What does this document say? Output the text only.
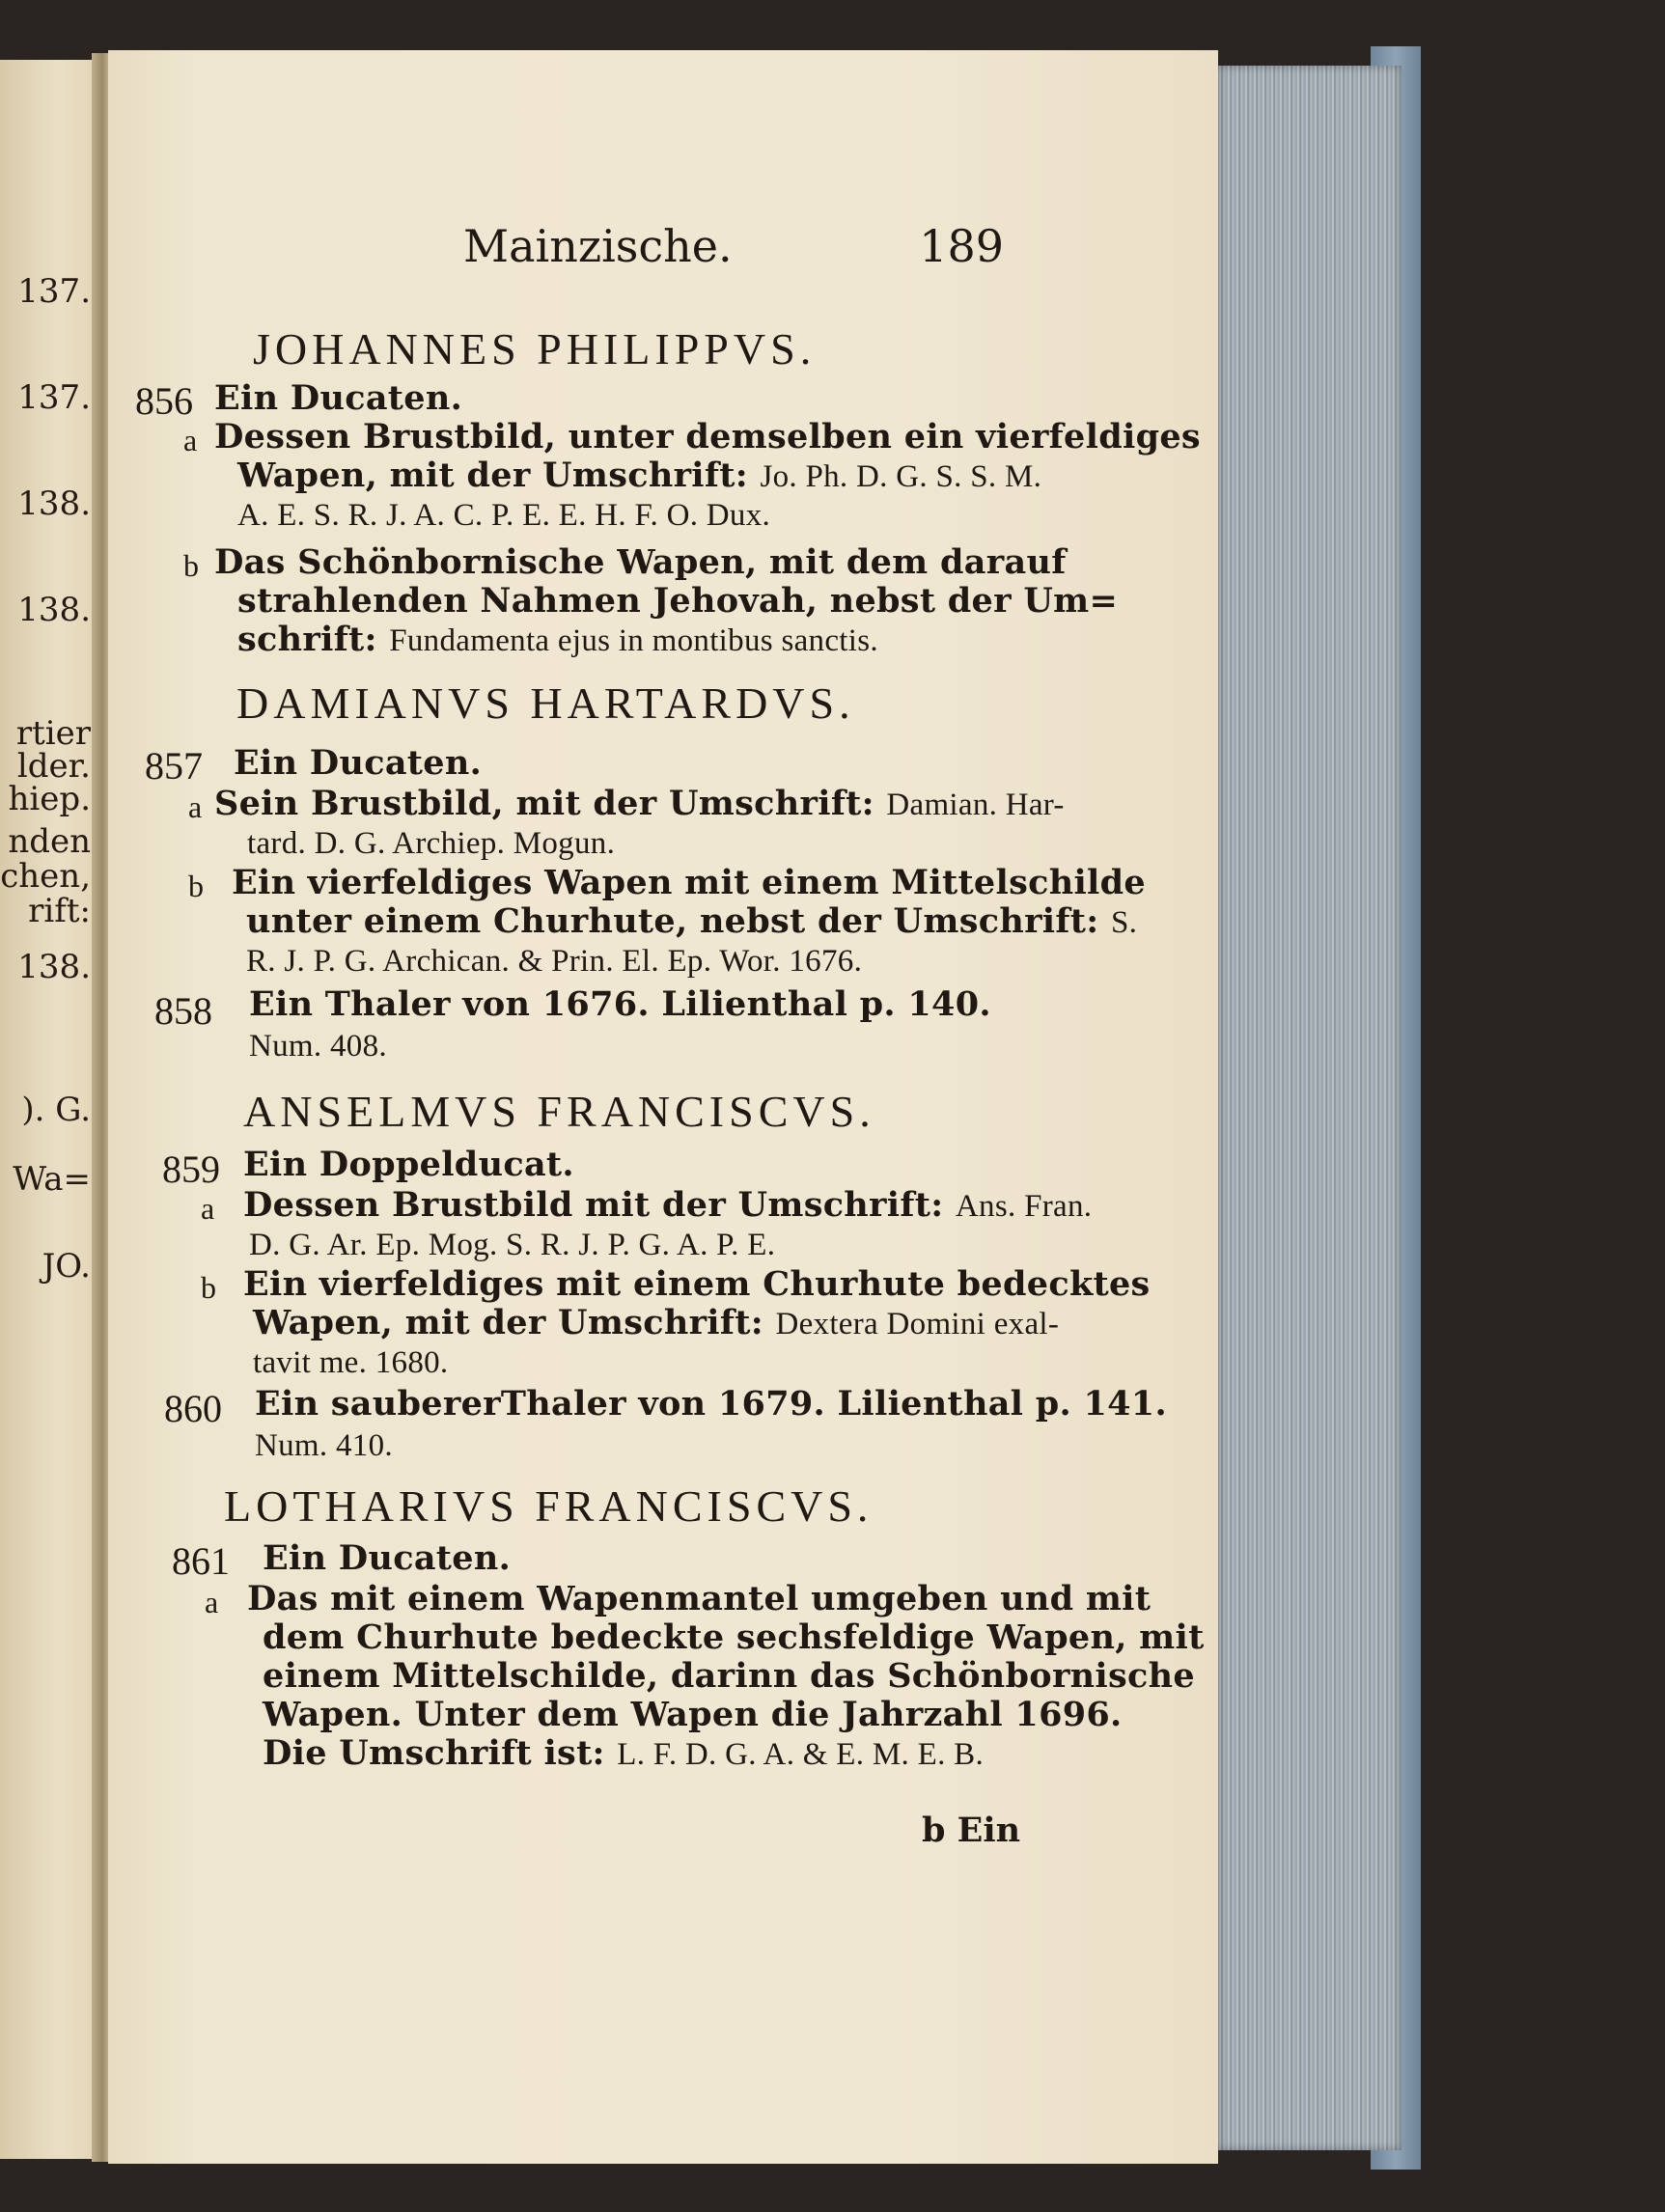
137.
137.
138.
138.
rtier
lder.
hiep.
nden
chen,
rift:
138.
). G.
Wa=
JO.
Mainzische.	189
JOHANNES PHILIPPVS.
856 Ein Ducaten.
a Dessen Brustbild, unter demselben ein vierfeldiges
Wapen, mit der Umschrift: Jo. Ph. D. G. S. S. M.
A. E. S. R. J. A. C. P. E. E. H. F. O. Dux.
b Das Schönbornische Wapen, mit dem darauf
strahlenden Nahmen Jehovah, nebst der Um=
schrift: Fundamenta ejus in montibus sanctis.
DAMIANVS HARTARDVS.
857 Ein Ducaten.
a Sein Brustbild, mit der Umschrift: Damian. Har-
tard. D. G. Archiep. Mogun.
b Ein vierfeldiges Wapen mit einem Mittelschilde
unter einem Churhute, nebst der Umschrift: S.
R. J. P. G. Archican. & Prin. El. Ep. Wor. 1676.
858 Ein Thaler von 1676. Lilienthal p. 140.
Num. 408.
ANSELMVS FRANCISCVS.
859 Ein Doppelducat.
a Dessen Brustbild mit der Umschrift: Ans. Fran.
D. G. Ar. Ep. Mog. S. R. J. P. G. A. P. E.
b Ein vierfeldiges mit einem Churhute bedecktes
Wapen, mit der Umschrift: Dextera Domini exal-
tavit me. 1680.
860 Ein saubererThaler von 1679. Lilienthal p. 141.
Num. 410.
LOTHARIVS FRANCISCVS.
861 Ein Ducaten.
a Das mit einem Wapenmantel umgeben und mit
dem Churhute bedeckte sechsfeldige Wapen, mit
einem Mittelschilde, darinn das Schönbornische
Wapen. Unter dem Wapen die Jahrzahl 1696.
Die Umschrift ist: L. F. D. G. A. & E. M. E. B.
b Ein
